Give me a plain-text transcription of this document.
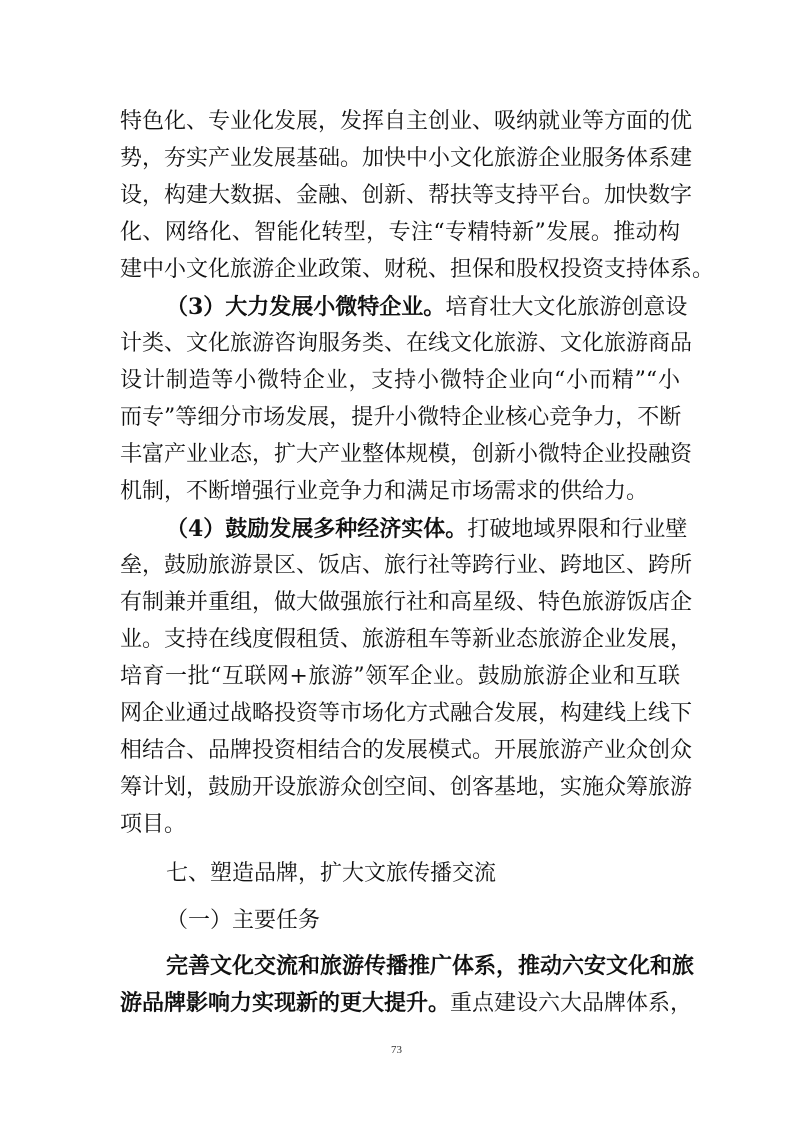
特色化、专业化发展，发挥自主创业、吸纳就业等方面的优
势，夯实产业发展基础。加快中小文化旅游企业服务体系建
设，构建大数据、金融、创新、帮扶等支持平台。加快数字
化、网络化、智能化转型，专注“专精特新”发展。推动构
建中小文化旅游企业政策、财税、担保和股权投资支持体系。
（3）大力发展小微特企业。培育壮大文化旅游创意设
计类、文化旅游咨询服务类、在线文化旅游、文化旅游商品
设计制造等小微特企业，支持小微特企业向“小而精”“小
而专”等细分市场发展，提升小微特企业核心竞争力，不断
丰富产业业态，扩大产业整体规模，创新小微特企业投融资
机制，不断增强行业竞争力和满足市场需求的供给力。
（4）鼓励发展多种经济实体。打破地域界限和行业壁
垒，鼓励旅游景区、饭店、旅行社等跨行业、跨地区、跨所
有制兼并重组，做大做强旅行社和高星级、特色旅游饭店企
业。支持在线度假租赁、旅游租车等新业态旅游企业发展，
培育一批“互联网+旅游”领军企业。鼓励旅游企业和互联
网企业通过战略投资等市场化方式融合发展，构建线上线下
相结合、品牌投资相结合的发展模式。开展旅游产业众创众
筹计划，鼓励开设旅游众创空间、创客基地，实施众筹旅游
项目。
七、塑造品牌，扩大文旅传播交流
（一）主要任务
完善文化交流和旅游传播推广体系，推动六安文化和旅
游品牌影响力实现新的更大提升。重点建设六大品牌体系，
73
